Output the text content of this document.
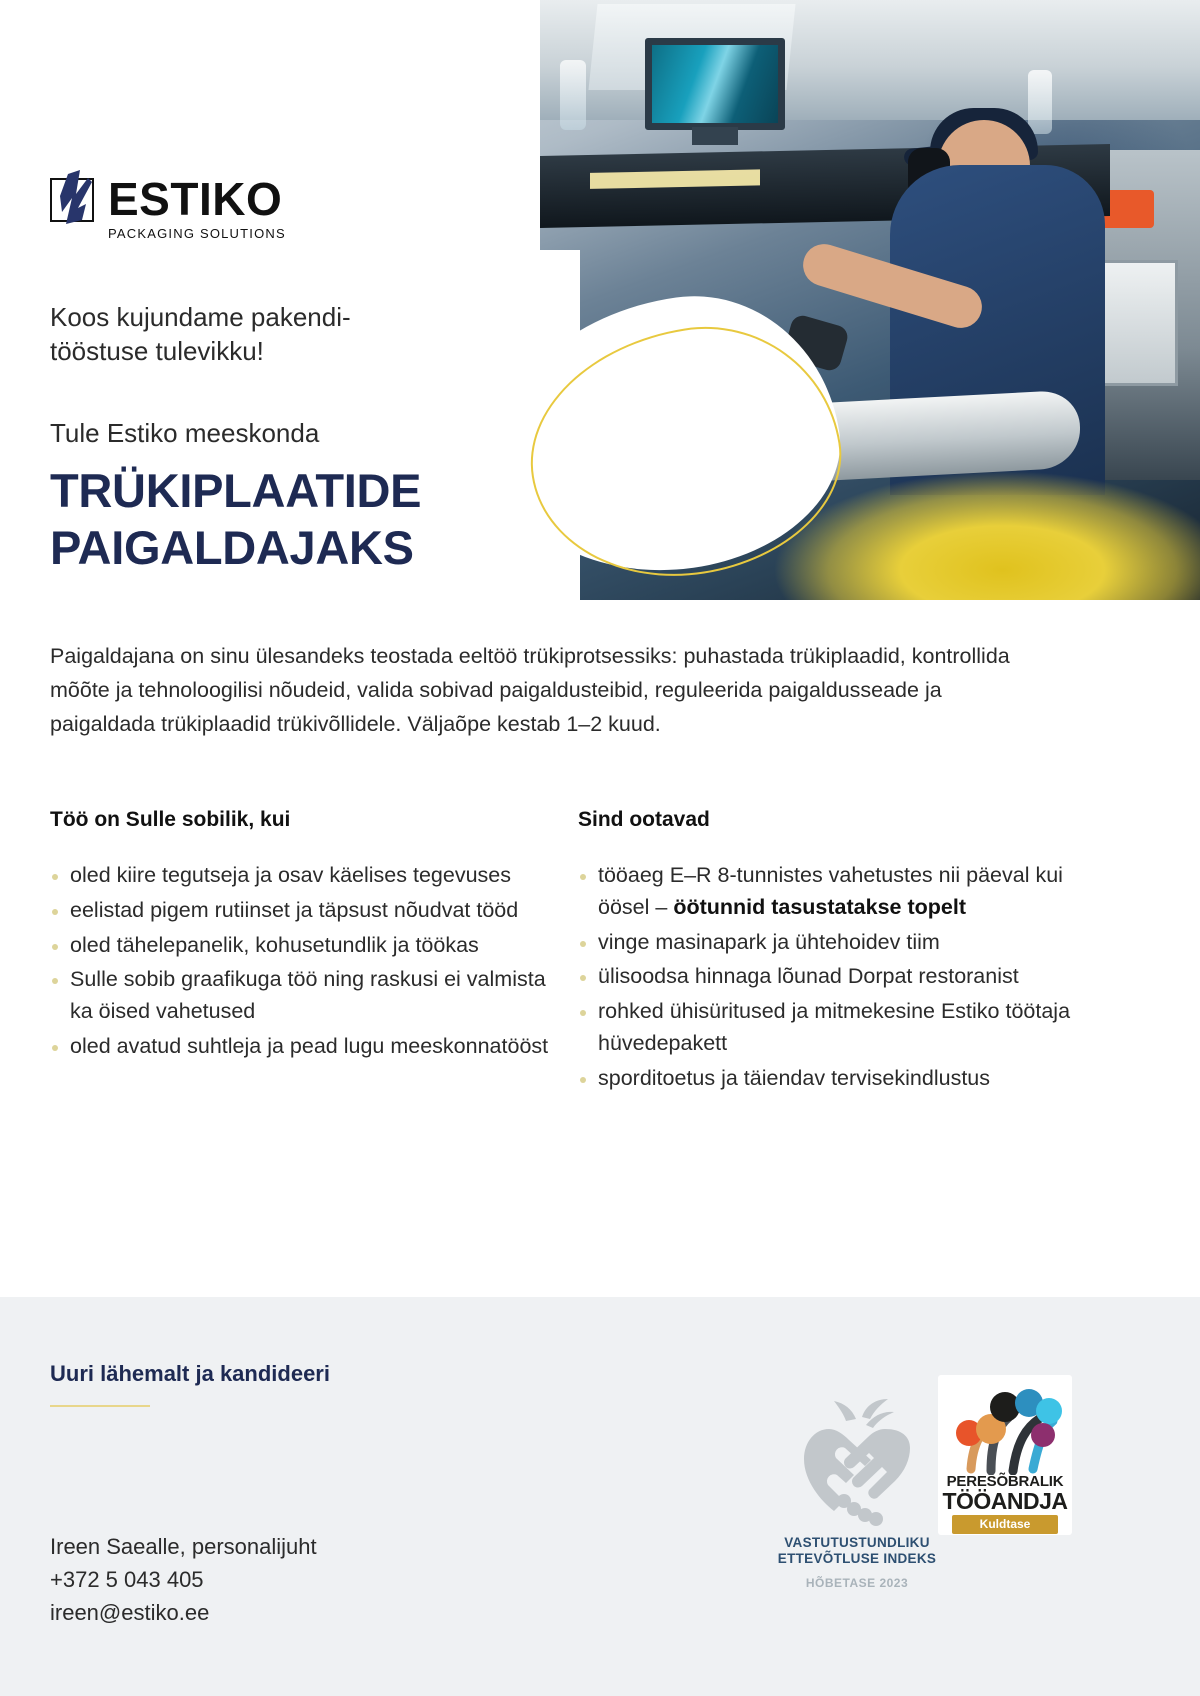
ESTIKO
PACKAGING SOLUTIONS
Koos kujundame pakendi-
tööstuse tulevikku!
Tule Estiko meeskonda
TRÜKIPLAATIDE
PAIGALDAJAKS

Paigaldajana on sinu ülesandeks teostada eeltöö trükiprotsessiks: puhastada trükiplaadid, kontrollida mõõte ja tehnoloogilisi nõudeid, valida sobivad paigaldusteibid, reguleerida paigaldusseade ja paigaldada trükiplaadid trükivõllidele. Väljaõpe kestab 1–2 kuud.

Töö on Sulle sobilik, kui
oled kiire tegutseja ja osav käelises tegevuses
eelistad pigem rutiinset ja täpsust nõudvat tööd
oled tähelepanelik, kohusetundlik ja töökas
Sulle sobib graafikuga töö ning raskusi ei valmista ka öised vahetused
oled avatud suhtleja ja pead lugu meeskonnatööst
Sind ootavad
tööaeg E–R 8-tunnistes vahetustes nii päeval kui öösel – öötunnid tasustatakse topelt
vinge masinapark ja ühtehoidev tiim
ülisoodsa hinnaga lõunad Dorpat restoranist
rohked ühisüritused ja mitmekesine Estiko töötaja hüvedepakett
sporditoetus ja täiendav tervisekindlustus
Uuri lähemalt ja kandideeri
Ireen Saealle, personalijuht
+372 5 043 405
ireen@estiko.ee
VASTUTUSTUNDLIKU ETTEVÕTLUSE INDEKS
HÕBETASE 2023
PERESÕBRALIK
TÖÖANDJA
Kuldtase
